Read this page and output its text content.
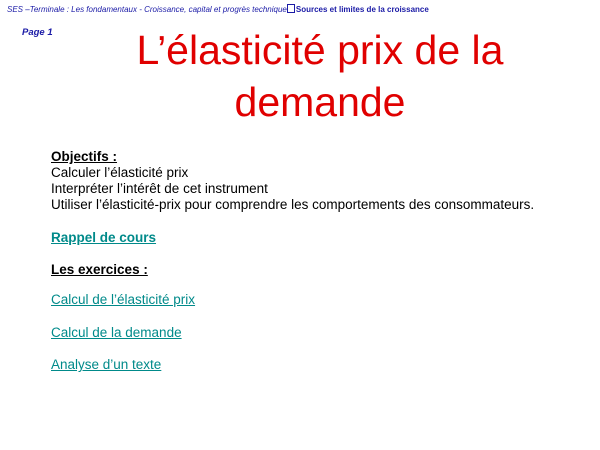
SES –Terminale : Les fondamentaux - Croissance, capital et progrès technique Sources et limites de la croissance
Page 1	L’élasticité prix de la
demande
Objectifs :
Calculer l’élasticité prix
Interpréter l’intérêt de cet instrument
Utiliser l’élasticité-prix pour comprendre les comportements des consommateurs.
Rappel de cours
Les exercices :
Calcul de l’élasticité prix
Calcul de la demande
Analyse d’un texte
